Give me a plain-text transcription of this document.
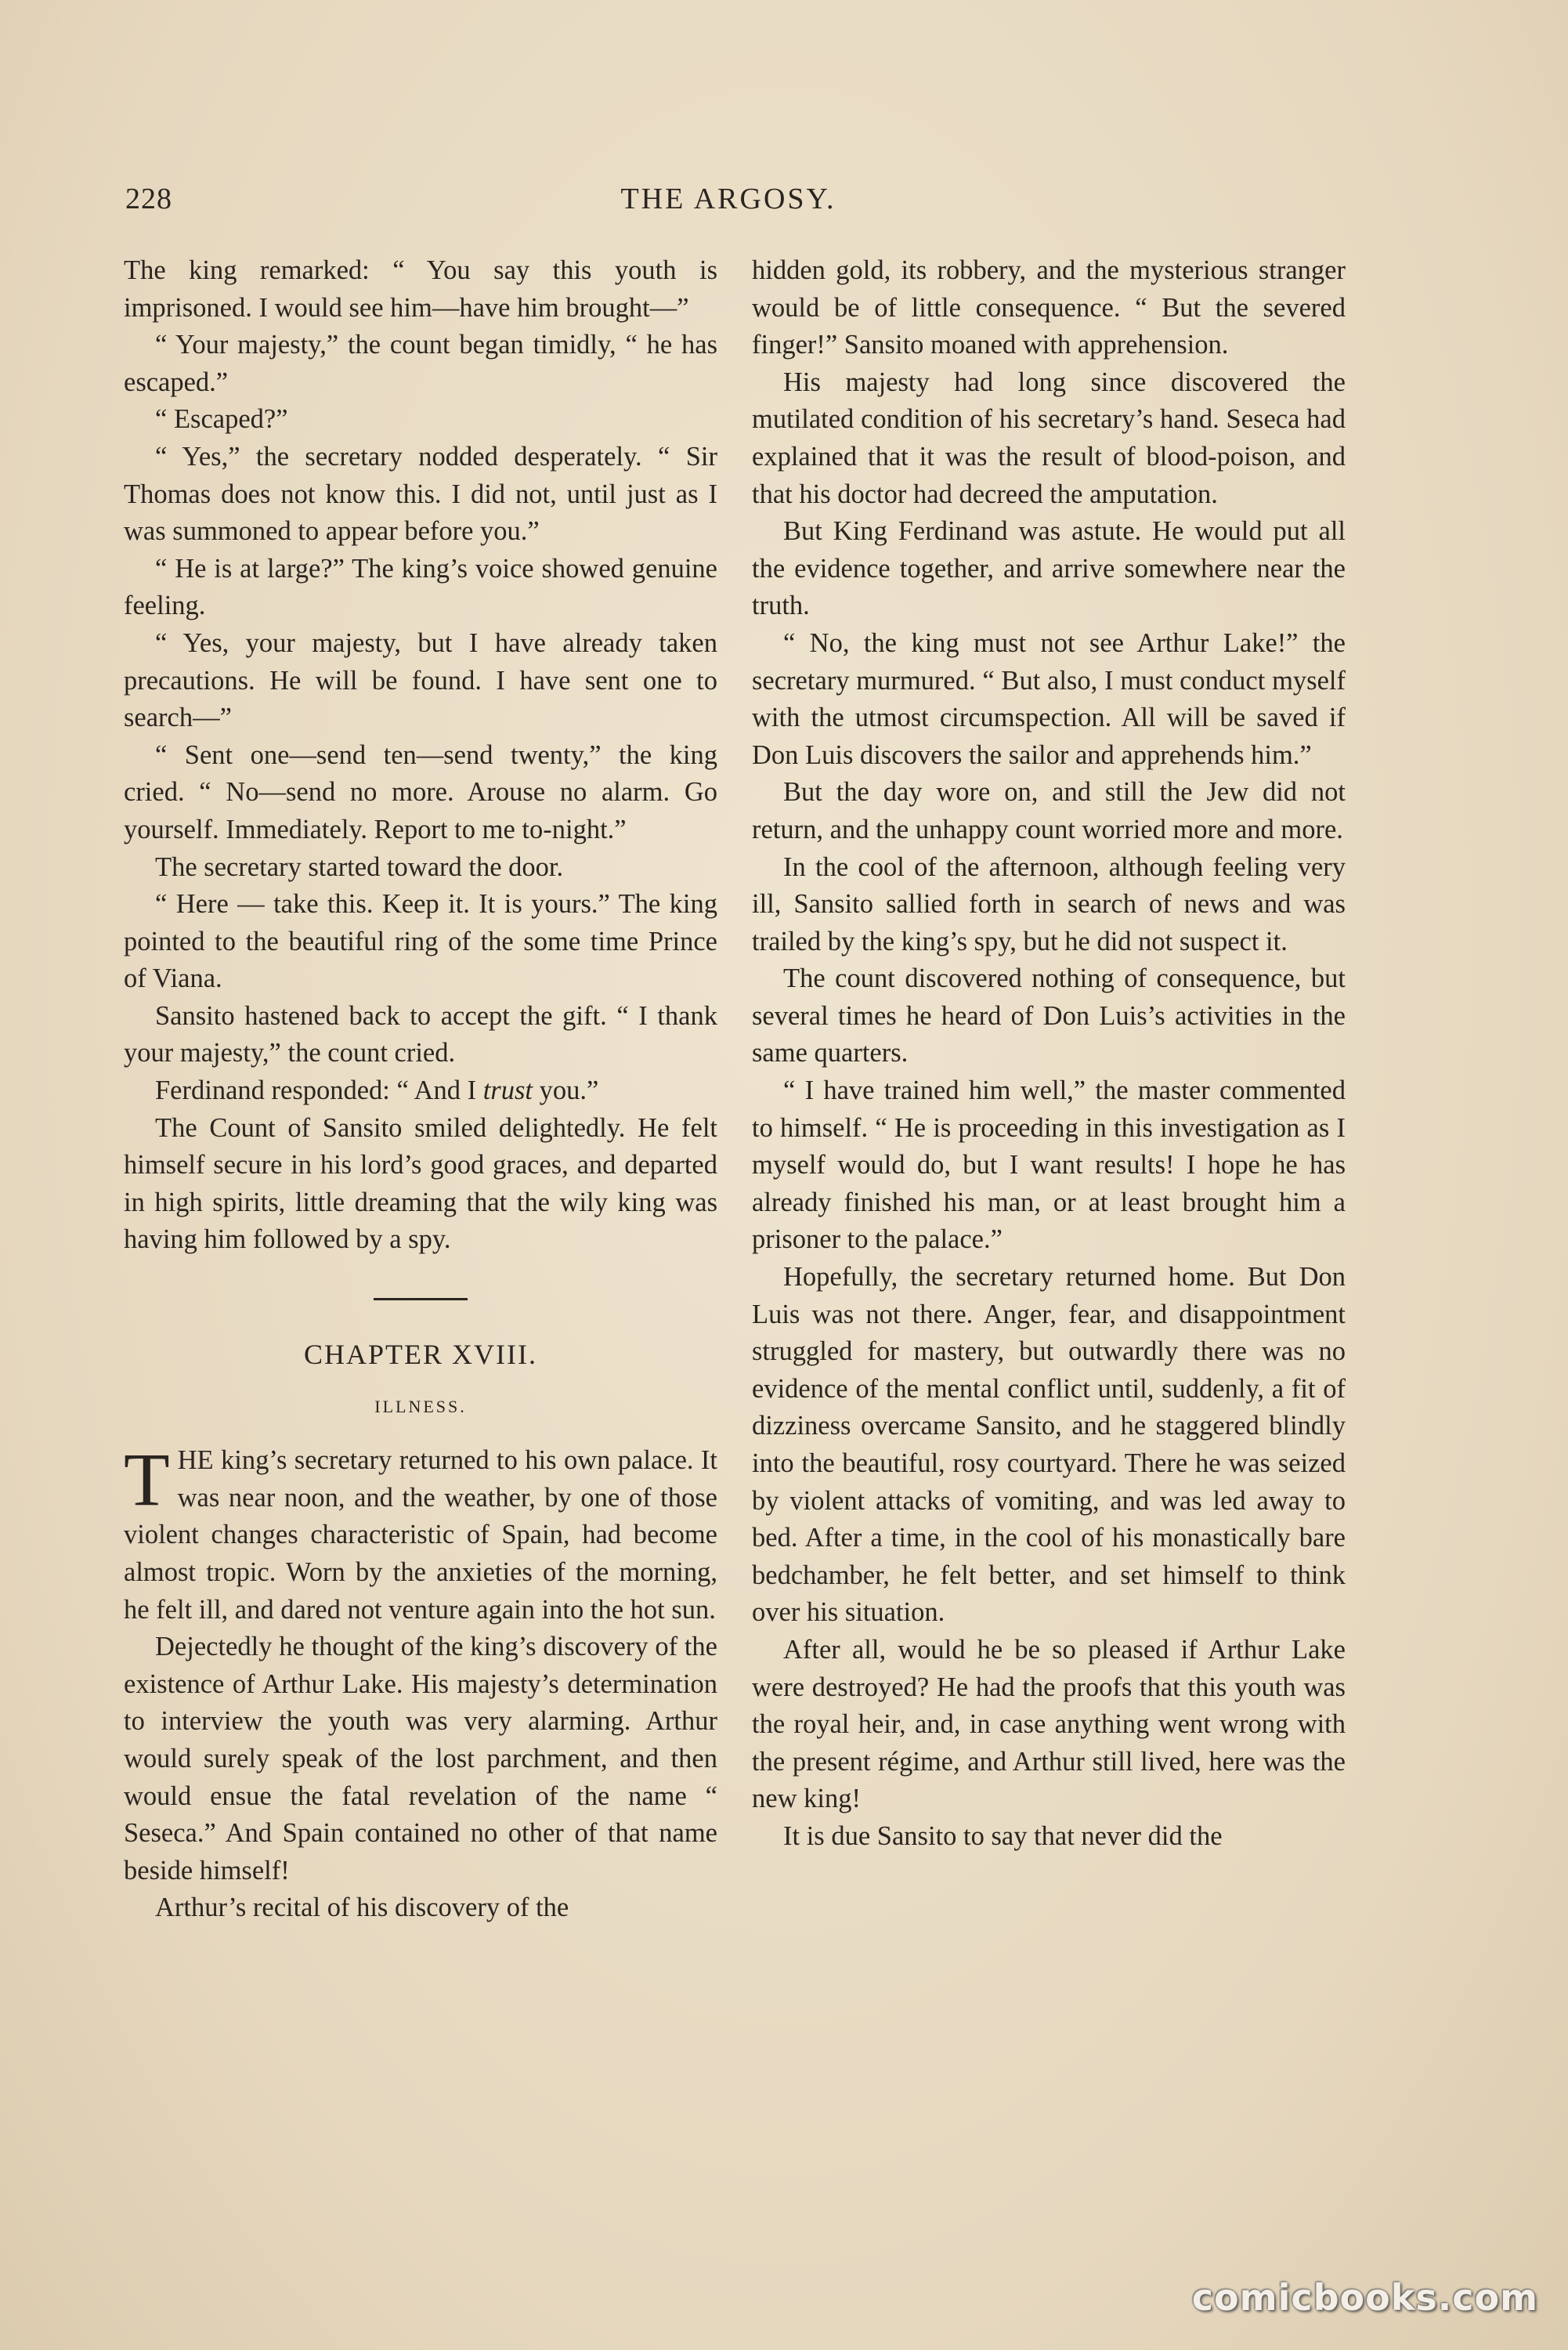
228	THE ARGOSY.

The king remarked: “ You say this youth is imprisoned. I would see him—have him brought—”

“ Your majesty,” the count began timidly, “ he has escaped.”

“ Escaped?”

“ Yes,” the secretary nodded desperately. “ Sir Thomas does not know this. I did not, until just as I was summoned to appear before you.”

“ He is at large?” The king’s voice showed genuine feeling.

“ Yes, your majesty, but I have already taken precautions. He will be found. I have sent one to search—”

“ Sent one—send ten—send twenty,” the king cried. “ No—send no more. Arouse no alarm. Go yourself. Immediately. Report to me to-night.”

The secretary started toward the door.

“ Here — take this. Keep it. It is yours.” The king pointed to the beautiful ring of the some time Prince of Viana.

Sansito hastened back to accept the gift. “ I thank your majesty,” the count cried.

Ferdinand responded: “ And I trust you.”

The Count of Sansito smiled delightedly. He felt himself secure in his lord’s good graces, and departed in high spirits, little dreaming that the wily king was having him followed by a spy.

CHAPTER XVIII.
ILLNESS.

THE king’s secretary returned to his own palace. It was near noon, and the weather, by one of those violent changes characteristic of Spain, had become almost tropic. Worn by the anxieties of the morning, he felt ill, and dared not venture again into the hot sun.

Dejectedly he thought of the king’s discovery of the existence of Arthur Lake. His majesty’s determination to interview the youth was very alarming. Arthur would surely speak of the lost parchment, and then would ensue the fatal revelation of the name “ Seseca.” And Spain contained no other of that name beside himself!

Arthur’s recital of his discovery of the

hidden gold, its robbery, and the mysterious stranger would be of little consequence. “ But the severed finger!” Sansito moaned with apprehension.

His majesty had long since discovered the mutilated condition of his secretary’s hand. Seseca had explained that it was the result of blood-poison, and that his doctor had decreed the amputation.

But King Ferdinand was astute. He would put all the evidence together, and arrive somewhere near the truth.

“ No, the king must not see Arthur Lake!” the secretary murmured. “ But also, I must conduct myself with the utmost circumspection. All will be saved if Don Luis discovers the sailor and apprehends him.”

But the day wore on, and still the Jew did not return, and the unhappy count worried more and more.

In the cool of the afternoon, although feeling very ill, Sansito sallied forth in search of news and was trailed by the king’s spy, but he did not suspect it.

The count discovered nothing of consequence, but several times he heard of Don Luis’s activities in the same quarters.

“ I have trained him well,” the master commented to himself. “ He is proceeding in this investigation as I myself would do, but I want results! I hope he has already finished his man, or at least brought him a prisoner to the palace.”

Hopefully, the secretary returned home. But Don Luis was not there. Anger, fear, and disappointment struggled for mastery, but outwardly there was no evidence of the mental conflict until, suddenly, a fit of dizziness overcame Sansito, and he staggered blindly into the beautiful, rosy courtyard. There he was seized by violent attacks of vomiting, and was led away to bed. After a time, in the cool of his monastically bare bedchamber, he felt better, and set himself to think over his situation.

After all, would he be so pleased if Arthur Lake were destroyed? He had the proofs that this youth was the royal heir, and, in case anything went wrong with the present régime, and Arthur still lived, here was the new king!

It is due Sansito to say that never did the

comicbooks.com
